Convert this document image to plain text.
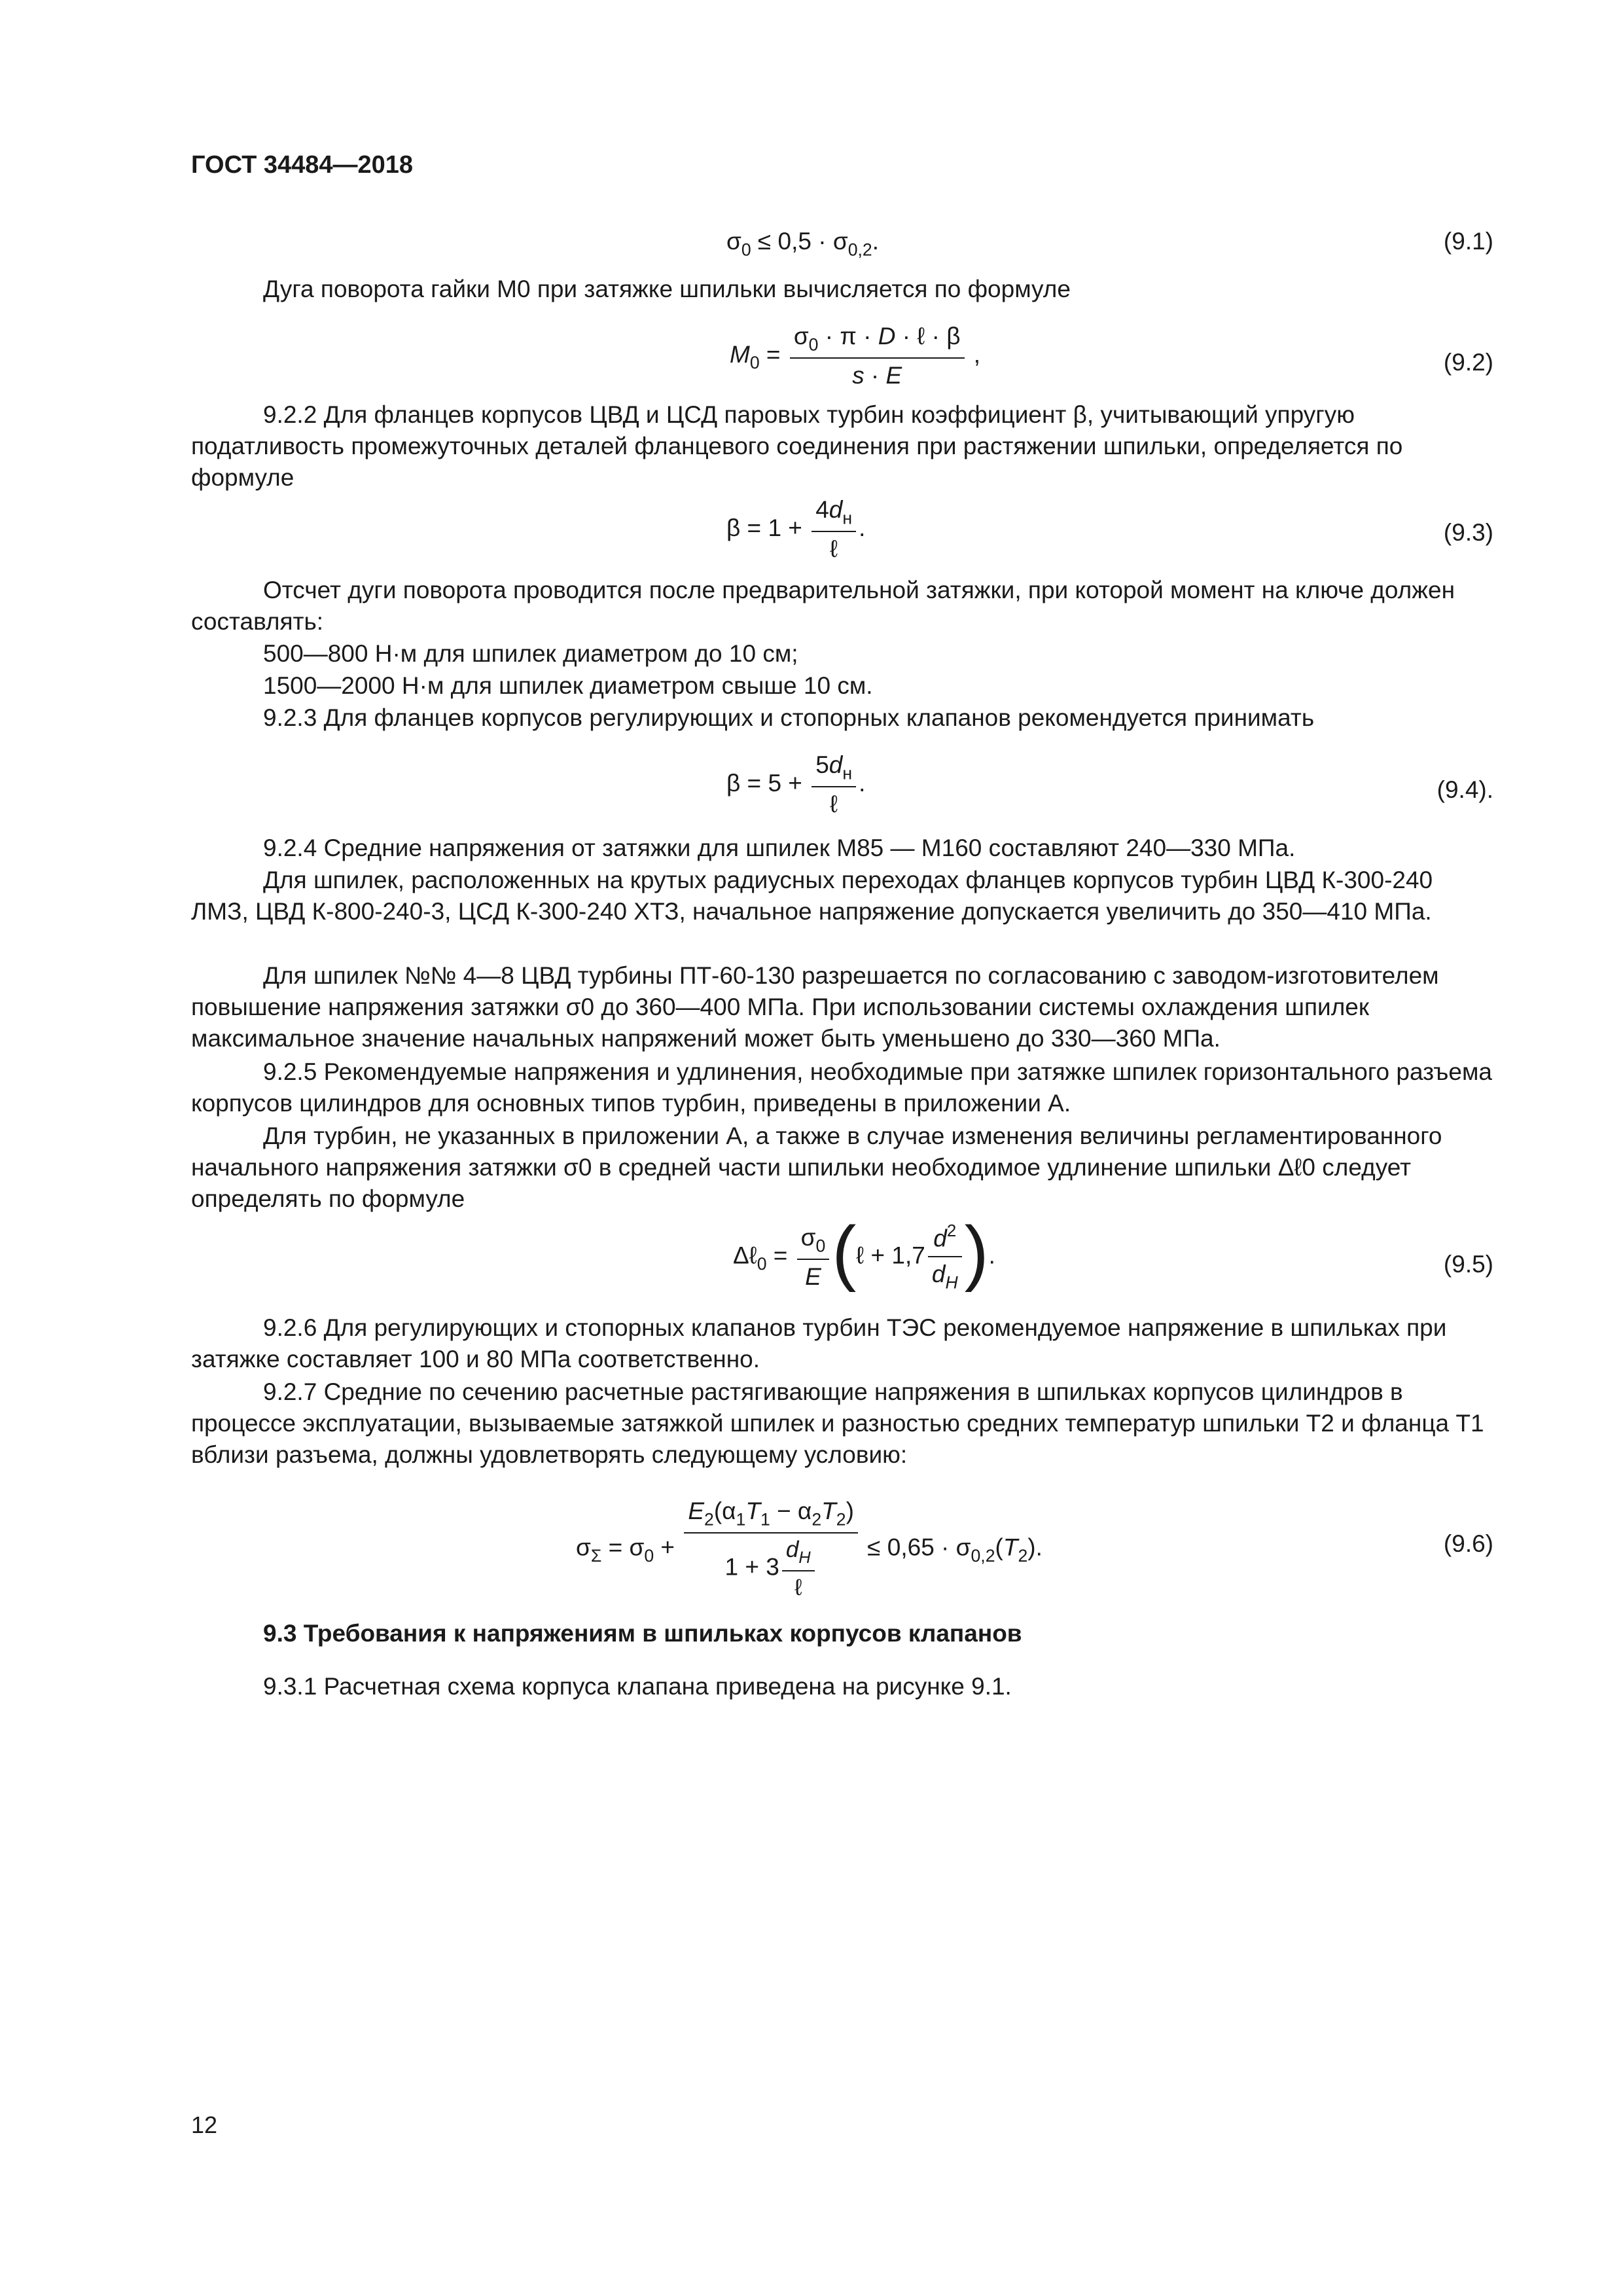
ГОСТ 34484—2018
$\sigma_0 \le 0,5 \cdot \sigma_{0,2}$.	(9.1)
Дуга поворота гайки M0 при затяжке шпильки вычисляется по формуле
$M_0 = \frac{\sigma_0 \cdot \pi \cdot D \cdot \ell \cdot \beta}{s \cdot E}$ ,	(9.2)
9.2.2 Для фланцев корпусов ЦВД и ЦСД паровых турбин коэффициент β, учитывающий упругую податливость промежуточных деталей фланцевого соединения при растяжении шпильки, определяется по формуле
$\beta = 1 + \frac{4d_н}{\text{ℓ}}$ .	(9.3)
Отсчет дуги поворота проводится после предварительной затяжки, при которой момент на ключе должен составлять:
500—800 Н·м для шпилек диаметром до 10 см;
1500—2000 Н·м для шпилек диаметром свыше 10 см.
9.2.3 Для фланцев корпусов регулирующих и стопорных клапанов рекомендуется принимать
$\beta = 5 + \frac{5d_н}{\text{ℓ}}$ .	(9.4).
9.2.4 Средние напряжения от затяжки для шпилек М85 — М160 составляют 240—330 МПа.
Для шпилек, расположенных на крутых радиусных переходах фланцев корпусов турбин ЦВД К-300-240 ЛМЗ, ЦВД К-800-240-3, ЦСД К-300-240 ХТЗ, начальное напряжение допускается увеличить до 350—410 МПа.
Для шпилек №№ 4—8 ЦВД турбины ПТ-60-130 разрешается по согласованию с заводом-изготовителем повышение напряжения затяжки σ0 до 360—400 МПа. При использовании системы охлаждения шпилек максимальное значение начальных напряжений может быть уменьшено до 330—360 МПа.
9.2.5 Рекомендуемые напряжения и удлинения, необходимые при затяжке шпилек горизонтального разъема корпусов цилиндров для основных типов турбин, приведены в приложении А.
Для турбин, не указанных в приложении А, а также в случае изменения величины регламентированного начального напряжения затяжки σ0 в средней части шпильки необходимое удлинение шпильки Δℓ0 следует определять по формуле
Δℓ$_0$ = $\frac{\sigma_0}{E}$ (ℓ + $1,7 \frac{d^2}{d_H}$ ).	(9.5)
9.2.6 Для регулирующих и стопорных клапанов турбин ТЭС рекомендуемое напряжение в шпильках при затяжке составляет 100 и 80 МПа соответственно.
9.2.7 Средние по сечению расчетные растягивающие напряжения в шпильках корпусов цилиндров в процессе эксплуатации, вызываемые затяжкой шпилек и разностью средних температур шпильки T2 и фланца T1 вблизи разъема, должны удовлетворять следующему условию:
$\sigma_\Sigma = \sigma_0 + \frac{E_2(\alpha_1T_1 - \alpha_2T_2)}{1 + 3 \frac{d_H}{\text{ℓ}}} \le 0,65 \cdot \sigma_{0,2}(T_2)$.	(9.6)
9.3 Требования к напряжениям в шпильках корпусов клапанов
9.3.1 Расчетная схема корпуса клапана приведена на рисунке 9.1.
12
